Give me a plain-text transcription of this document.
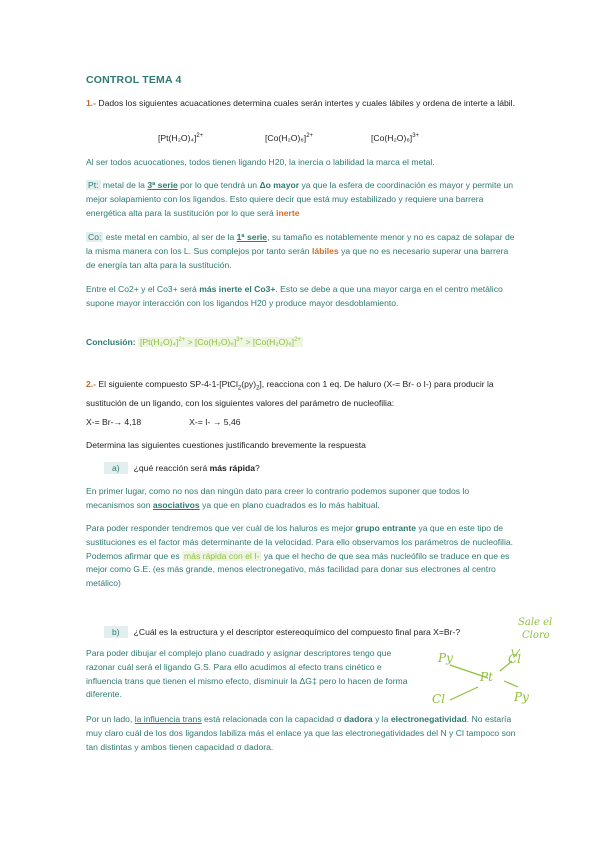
CONTROL TEMA 4
1.- Dados los siguientes acuacationes determina cuales serán intertes y cuales lábiles y ordena de interte a lábil.
$[Pt(H_2O)_4]^{2+}$	$[Co(H_2O)_6]^{2+}$	$[Co(H_2O)_6]^{3+}$
Al ser todos acuocationes, todos tienen ligando H20, la inercia o labilidad la marca el metal.
Pt: metal de la 3ª serie por lo que tendrá un Δo mayor ya que la esfera de coordinación es mayor y permite un mejor solapamiento con los ligandos. Esto quiere decir que está muy estabilizado y requiere una barrera energética alta para la sustitución por lo que será inerte
Co: este metal en cambio, al ser de la 1ª serie, su tamaño es notablemente menor y no es capaz de solapar de la misma manera con los L. Sus complejos por tanto serán lábiles ya que no es necesario superar una barrera de energía tan alta para la sustitución.
Entre el Co2+ y el Co3+ será más inerte el Co3+. Esto se debe a que una mayor carga en el centro metálico supone mayor interacción con los ligandos H20 y produce mayor desdoblamiento.
Conclusión: $[Pt(H_2O)_4]^{2+} > [Co(H_2O)_6]^{3+} > [Co(H_2O)_6]^{2+}$
2.- El siguiente compuesto $SP-4-1-[PtCl_2(py)_2]$, reacciona con 1 eq. De haluro (X-= Br- o I-) para producir la sustitución de un ligando, con los siguientes valores del parámetro de nucleofilia:
X-= Br-→ 4,18	X-= I- → 5,46
Determina las siguientes cuestiones justificando brevemente la respuesta
a) ¿qué reacción será más rápida?
En primer lugar, como no nos dan ningún dato para creer lo contrario podemos suponer que todos lo mecanismos son asociativos ya que en plano cuadrados es lo más habitual.
Para poder responder tendremos que ver cuál de los haluros es mejor grupo entrante ya que en este tipo de sustituciones es el factor más determinante de la velocidad. Para ello observamos los parámetros de nucleofilia. Podemos afirmar que es más rápida con el I- ya que el hecho de que sea más nucleófilo se traduce en que es mejor como G.E. (es más grande, menos electronegativo, más facilidad para donar sus electrones al centro metálico)
b) ¿Cuál es la estructura y el descriptor estereoquímico del compuesto final para X=Br-?
Para poder dibujar el complejo plano cuadrado y asignar descriptores tengo que razonar cuál será el ligando G.S. Para ello acudimos al efecto trans cinético e influencia trans que tienen el mismo efecto, disminuir la ΔG‡ pero lo hacen de forma diferente.
Por un lado, la influencia trans está relacionada con la capacidad σ dadora y la electronegatividad. No estaría muy claro cuál de los dos ligandos labiliza más el enlace ya que las electronegatividades del N y Cl tampoco son tan distintas y ambos tienen capacidad σ dadora.
Sale el
Cloro
Py	Cl
Pt
Cl	Py
